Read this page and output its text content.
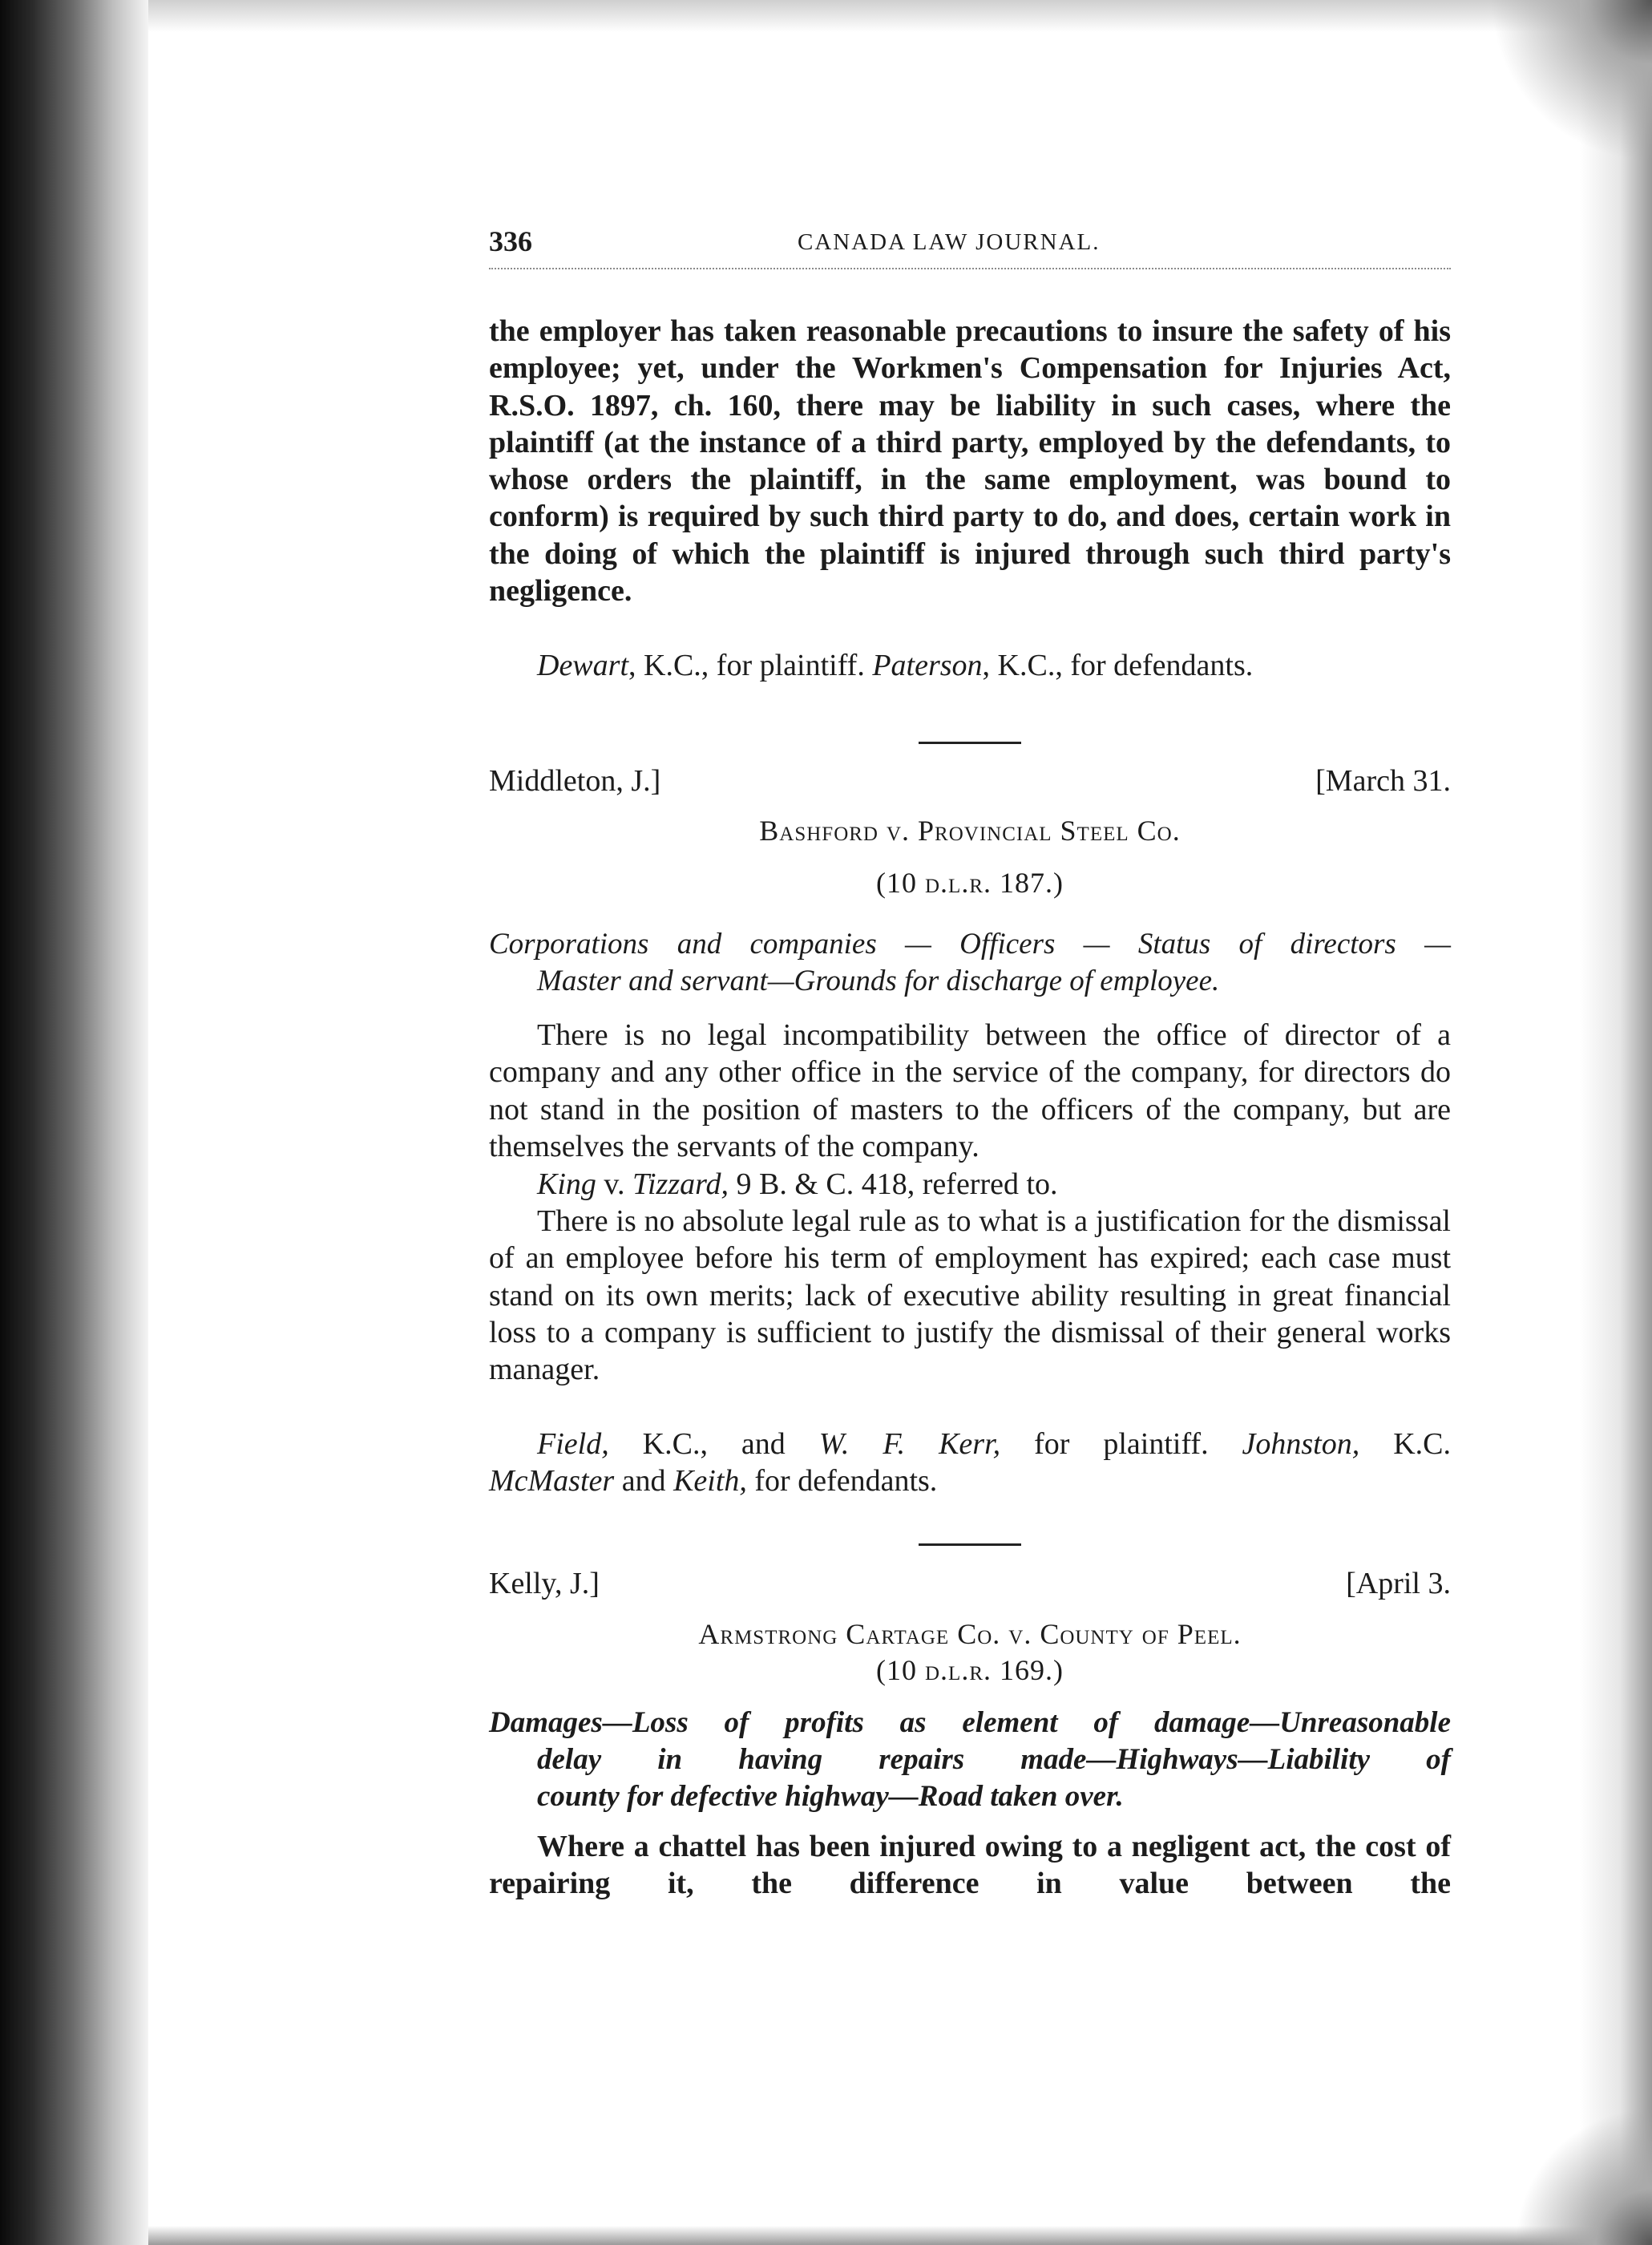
336	CANADA LAW JOURNAL.
the employer has taken reasonable precautions to insure the safety of his employee; yet, under the Workmen's Compensation for Injuries Act, R.S.O. 1897, ch. 160, there may be liability in such cases, where the plaintiff (at the instance of a third party, employed by the defendants, to whose orders the plaintiff, in the same employment, was bound to conform) is required by such third party to do, and does, certain work in the doing of which the plaintiff is injured through such third party's negligence.
Dewart, K.C., for plaintiff. Paterson, K.C., for defendants.
Middleton, J.]	[March 31.
Bashford v. Provincial Steel Co.
(10 d.l.r. 187.)
Corporations and companies — Officers — Status of directors —
Master and servant—Grounds for discharge of employee.
There is no legal incompatibility between the office of director of a company and any other office in the service of the company, for directors do not stand in the position of masters to the officers of the company, but are themselves the servants of the company.
King v. Tizzard, 9 B. & C. 418, referred to.
There is no absolute legal rule as to what is a justification for the dismissal of an employee before his term of employment has expired; each case must stand on its own merits; lack of executive ability resulting in great financial loss to a company is sufficient to justify the dismissal of their general works manager.
Field, K.C., and W. F. Kerr, for plaintiff. Johnston, K.C.
McMaster and Keith, for defendants.
Kelly, J.]	[April 3.
Armstrong Cartage Co. v. County of Peel.
(10 d.l.r. 169.)
Damages—Loss of profits as element of damage—Unreasonable
delay in having repairs made—Highways—Liability of
county for defective highway—Road taken over.
Where a chattel has been injured owing to a negligent act, the cost of repairing it, the difference in value between the
